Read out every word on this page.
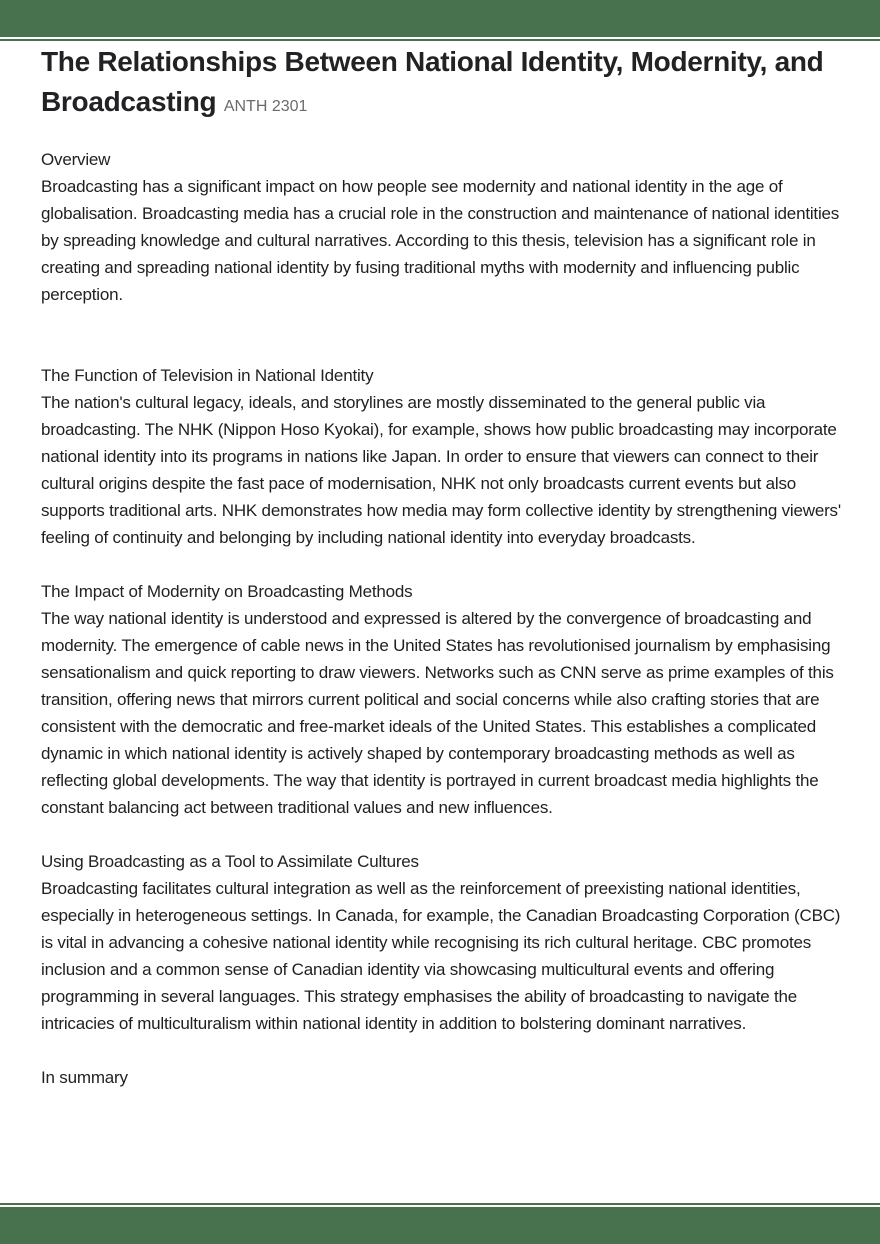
The Relationships Between National Identity, Modernity, and Broadcasting ANTH 2301

Overview

Broadcasting has a significant impact on how people see modernity and national identity in the age of globalisation. Broadcasting media has a crucial role in the construction and maintenance of national identities by spreading knowledge and cultural narratives. According to this thesis, television has a significant role in creating and spreading national identity by fusing traditional myths with modernity and influencing public perception.

The Function of Television in National Identity

The nation's cultural legacy, ideals, and storylines are mostly disseminated to the general public via broadcasting. The NHK (Nippon Hoso Kyokai), for example, shows how public broadcasting may incorporate national identity into its programs in nations like Japan. In order to ensure that viewers can connect to their cultural origins despite the fast pace of modernisation, NHK not only broadcasts current events but also supports traditional arts. NHK demonstrates how media may form collective identity by strengthening viewers' feeling of continuity and belonging by including national identity into everyday broadcasts.

The Impact of Modernity on Broadcasting Methods

The way national identity is understood and expressed is altered by the convergence of broadcasting and modernity. The emergence of cable news in the United States has revolutionised journalism by emphasising sensationalism and quick reporting to draw viewers. Networks such as CNN serve as prime examples of this transition, offering news that mirrors current political and social concerns while also crafting stories that are consistent with the democratic and free-market ideals of the United States. This establishes a complicated dynamic in which national identity is actively shaped by contemporary broadcasting methods as well as reflecting global developments. The way that identity is portrayed in current broadcast media highlights the constant balancing act between traditional values and new influences.

Using Broadcasting as a Tool to Assimilate Cultures

Broadcasting facilitates cultural integration as well as the reinforcement of preexisting national identities, especially in heterogeneous settings. In Canada, for example, the Canadian Broadcasting Corporation (CBC) is vital in advancing a cohesive national identity while recognising its rich cultural heritage. CBC promotes inclusion and a common sense of Canadian identity via showcasing multicultural events and offering programming in several languages. This strategy emphasises the ability of broadcasting to navigate the intricacies of multiculturalism within national identity in addition to bolstering dominant narratives.

In summary
